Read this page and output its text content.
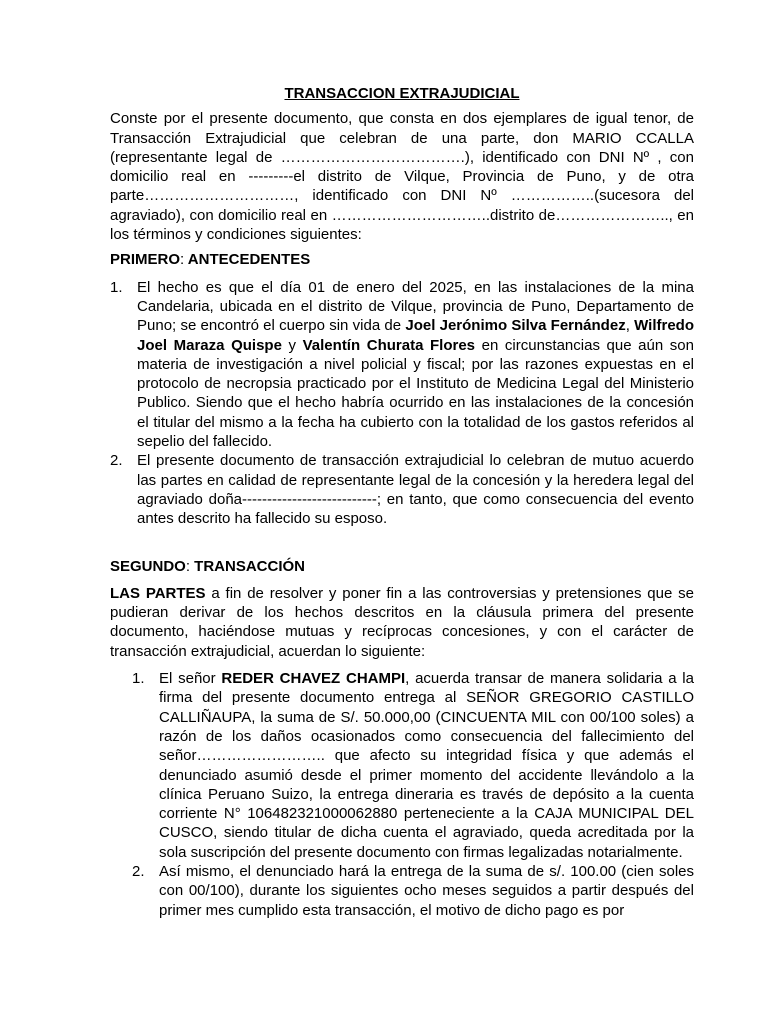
TRANSACCION EXTRAJUDICIAL

Conste por el presente documento, que consta en dos ejemplares de igual tenor, de Transacción Extrajudicial que celebran de una parte, don MARIO CCALLA (representante legal de ……………………………….), identificado con DNI Nº , con domicilio real en ---------el distrito de Vilque, Provincia de Puno, y de otra parte…………………………, identificado con DNI Nº ……………..(sucesora del agraviado), con domicilio real en …………………………..distrito de………………….., en los términos y condiciones siguientes:

PRIMERO: ANTECEDENTES

1. El hecho es que el día 01 de enero del 2025, en las instalaciones de la mina Candelaria, ubicada en el distrito de Vilque, provincia de Puno, Departamento de Puno; se encontró el cuerpo sin vida de Joel Jerónimo Silva Fernández, Wilfredo Joel Maraza Quispe y Valentín Churata Flores en circunstancias que aún son materia de investigación a nivel policial y fiscal; por las razones expuestas en el protocolo de necropsia practicado por el Instituto de Medicina Legal del Ministerio Publico. Siendo que el hecho habría ocurrido en las instalaciones de la concesión el titular del mismo a la fecha ha cubierto con la totalidad de los gastos referidos al sepelio del fallecido.
2. El presente documento de transacción extrajudicial lo celebran de mutuo acuerdo las partes en calidad de representante legal de la concesión y la heredera legal del agraviado doña---------------------------; en tanto, que como consecuencia del evento antes descrito ha fallecido su esposo.

SEGUNDO: TRANSACCIÓN

LAS PARTES a fin de resolver y poner fin a las controversias y pretensiones que se pudieran derivar de los hechos descritos en la cláusula primera del presente documento, haciéndose mutuas y recíprocas concesiones, y con el carácter de transacción extrajudicial, acuerdan lo siguiente:

1. El señor REDER CHAVEZ CHAMPI, acuerda transar de manera solidaria a la firma del presente documento entrega al SEÑOR GREGORIO CASTILLO CALLIÑAUPA, la suma de S/. 50.000,00 (CINCUENTA MIL con 00/100 soles) a razón de los daños ocasionados como consecuencia del fallecimiento del señor…………………….. que afecto su integridad física y que además el denunciado asumió desde el primer momento del accidente llevándolo a la clínica Peruano Suizo, la entrega dineraria es través de depósito a la cuenta corriente N° 106482321000062880 perteneciente a la CAJA MUNICIPAL DEL CUSCO, siendo titular de dicha cuenta el agraviado, queda acreditada por la sola suscripción del presente documento con firmas legalizadas notarialmente.
2. Así mismo, el denunciado hará la entrega de la suma de s/. 100.00 (cien soles con 00/100), durante los siguientes ocho meses seguidos a partir después del primer mes cumplido esta transacción, el motivo de dicho pago es por
